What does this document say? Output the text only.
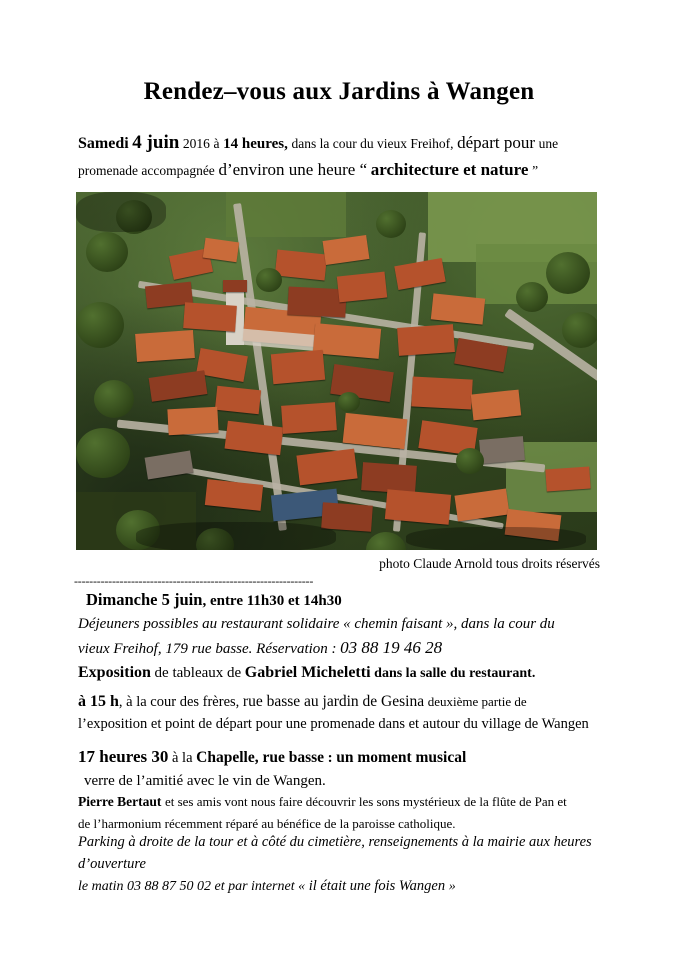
Rendez–vous aux Jardins à Wangen
Samedi 4 juin 2016 à 14 heures, dans la cour du vieux Freihof, départ pour une promenade accompagnée d’environ une heure “ architecture et nature ”
photo Claude Arnold tous droits réservés
---------------------------------------------------------------
Dimanche 5 juin, entre 11h30 et 14h30
Déjeuners possibles au restaurant solidaire « chemin faisant », dans la cour du
vieux Freihof, 179 rue basse. Réservation : 03 88 19 46 28
Exposition de tableaux de Gabriel Micheletti dans la salle du restaurant.
à 15 h, à la cour des frères, rue basse au jardin de Gesina deuxième partie de
l’exposition et point de départ pour une promenade dans et autour du village de Wangen
17 heures 30 à la Chapelle, rue basse : un moment musical
verre de l’amitié avec le vin de Wangen.
Pierre Bertaut et ses amis vont nous faire découvrir les sons mystérieux de la flûte de Pan et
de l’harmonium récemment réparé au bénéfice de la paroisse catholique.
Parking à droite de la tour et à côté du cimetière, renseignements à la mairie aux heures
d’ouverture
le matin 03 88 87 50 02 et par internet « il était une fois Wangen »
